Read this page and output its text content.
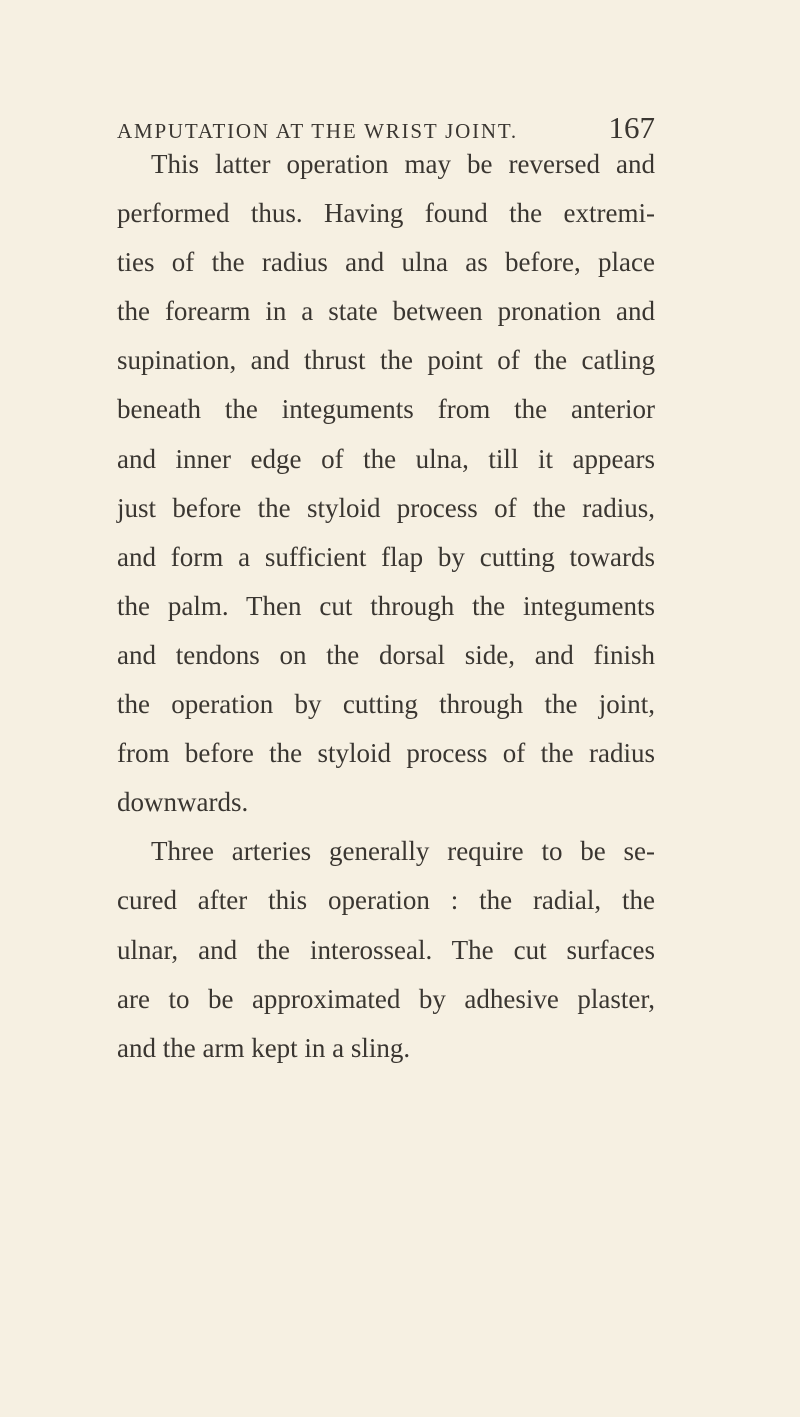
AMPUTATION AT THE WRIST JOINT.	167
This latter operation may be reversed and
performed thus. Having found the extremi-
ties of the radius and ulna as before, place
the forearm in a state between pronation and
supination, and thrust the point of the catling
beneath the integuments from the anterior
and inner edge of the ulna, till it appears
just before the styloid process of the radius,
and form a sufficient flap by cutting towards
the palm. Then cut through the integuments
and tendons on the dorsal side, and finish
the operation by cutting through the joint,
from before the styloid process of the radius
downwards.
Three arteries generally require to be se-
cured after this operation : the radial, the
ulnar, and the interosseal. The cut surfaces
are to be approximated by adhesive plaster,
and the arm kept in a sling.
